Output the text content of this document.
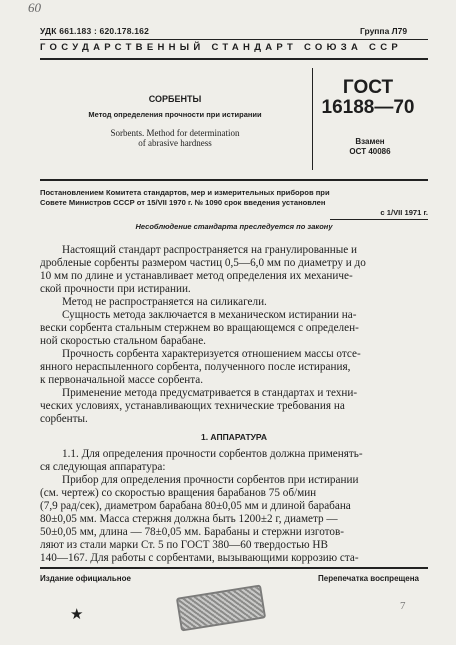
60
УДК 661.183 : 620.178.162	Группа Л79
ГОСУДАРСТВЕННЫЙ СТАНДАРТ СОЮЗА ССР
СОРБЕНТЫ
Метод определения прочности при истирании
Sorbents. Method for determination
of abrasive hardness
ГОСТ
16188—70
Взамен
ОСТ 40086
Постановлением Комитета стандартов, мер и измерительных приборов при
Совете Министров СССР от 15/VII 1970 г. № 1090 срок введения установлен
с 1/VII 1971 г.
Несоблюдение стандарта преследуется по закону
Настоящий стандарт распространяется на гранулированные и
дробленые сорбенты размером частиц 0,5—6,0 мм по диаметру и до
10 мм по длине и устанавливает метод определения их механиче-
ской прочности при истирании.
Метод не распространяется на силикагели.
Сущность метода заключается в механическом истирании на-
вески сорбента стальным стержнем во вращающемся с определен-
ной скоростью стальном барабане.
Прочность сорбента характеризуется отношением массы отсе-
янного нераспыленного сорбента, полученного после истирания,
к первоначальной массе сорбента.
Применение метода предусматривается в стандартах и техни-
ческих условиях, устанавливающих технические требования на
сорбенты.
1. АППАРАТУРА
1.1. Для определения прочности сорбентов должна применять-
ся следующая аппаратура:
Прибор для определения прочности сорбентов при истирании
(см. чертеж) со скоростью вращения барабанов 75 об/мин
(7,9 рад/сек), диаметром барабана 80±0,05 мм и длиной барабана
80±0,05 мм. Масса стержня должна быть 1200±2 г, диаметр —
50±0,05 мм, длина — 78±0,05 мм. Барабаны и стержни изготов-
ляют из стали марки Ст. 5 по ГОСТ 380—60 твердостью НВ
140—167. Для работы с сорбентами, вызывающими коррозию ста-
Издание официальное	Перепечатка воспрещена
★
7
